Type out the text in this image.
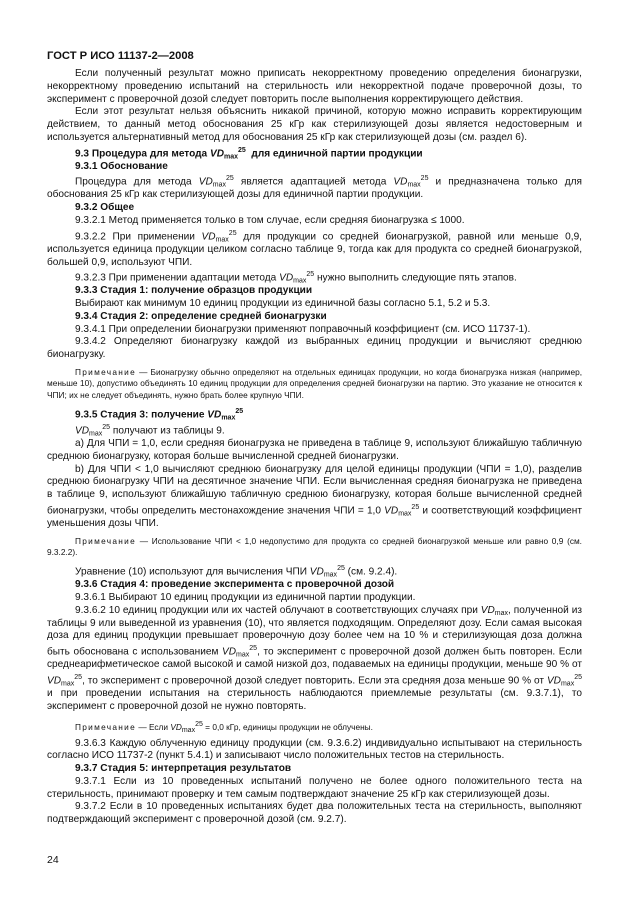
ГОСТ Р ИСО 11137-2—2008

Если полученный результат можно приписать некорректному проведению определения бионагрузки, некорректному проведению испытаний на стерильность или некорректной подаче проверочной дозы, то эксперимент с проверочной дозой следует повторить после выполнения корректирующего действия.

Если этот результат нельзя объяснить никакой причиной, которую можно исправить корректирующим действием, то данный метод обоснования 25 кГр как стерилизующей дозы является недостоверным и используется альтернативный метод для обоснования 25 кГр как стерилизующей дозы (см. раздел 6).

9.3 Процедура для метода $VD_{max}^{25}$  для единичной партии продукции

9.3.1 Обоснование

Процедура для метода $VD_{max}^{25}$ является адаптацией метода $VD_{max}^{25}$ и предназначена только для обоснования 25 кГр как стерилизующей дозы для единичной партии продукции.

9.3.2 Общее

9.3.2.1 Метод применяется только в том случае, если средняя бионагрузка ≤ 1000.

9.3.2.2 При применении $VD_{max}^{25}$ для продукции со средней бионагрузкой, равной или меньше 0,9, используется единица продукции целиком согласно таблице 9, тогда как для продукта со средней бионагрузкой, большей 0,9, используют ЧПИ.

9.3.2.3 При применении адаптации метода $VD_{max}^{25}$ нужно выполнить следующие пять этапов.

9.3.3 Стадия 1: получение образцов продукции

Выбирают как минимум 10 единиц продукции из единичной базы согласно 5.1, 5.2 и 5.3.

9.3.4 Стадия 2: определение средней бионагрузки

9.3.4.1 При определении бионагрузки применяют поправочный коэффициент (см. ИСО 11737-1).

9.3.4.2 Определяют бионагрузку каждой из выбранных единиц продукции и вычисляют среднюю бионагрузку.

Примечание — Бионагрузку обычно определяют на отдельных единицах продукции, но когда бионагрузка низкая (например, меньше 10), допустимо объединять 10 единиц продукции для определения средней бионагрузки на партию. Это указание не относится к ЧПИ; их не следует объединять, нужно брать более крупную ЧПИ.

9.3.5 Стадия 3: получение $VD_{max}^{25}$

$VD_{max}^{25}$ получают из таблицы 9.

a) Для ЧПИ = 1,0, если средняя бионагрузка не приведена в таблице 9, используют ближайшую табличную среднюю бионагрузку, которая больше вычисленной средней бионагрузки.

b) Для ЧПИ < 1,0 вычисляют среднюю бионагрузку для целой единицы продукции (ЧПИ = 1,0), разделив среднюю бионагрузку ЧПИ на десятичное значение ЧПИ. Если вычисленная средняя бионагрузка не приведена в таблице 9, используют ближайшую табличную среднюю бионагрузку, которая больше вычисленной средней бионагрузки, чтобы определить местонахождение значения ЧПИ = 1,0 $VD_{max}^{25}$ и соответствующий коэффициент уменьшения дозы ЧПИ.

Примечание — Использование ЧПИ < 1,0 недопустимо для продукта со средней бионагрузкой меньше или равно 0,9 (см. 9.3.2.2).

Уравнение (10) используют для вычисления ЧПИ $VD_{max}^{25}$ (см. 9.2.4).

9.3.6 Стадия 4: проведение эксперимента с проверочной дозой

9.3.6.1 Выбирают 10 единиц продукции из единичной партии продукции.

9.3.6.2 10 единиц продукции или их частей облучают в соответствующих случаях при $VD_{max}$, полученной из таблицы 9 или выведенной из уравнения (10), что является подходящим. Определяют дозу. Если самая высокая доза для единиц продукции превышает проверочную дозу более чем на 10 % и стерилизующая доза должна быть обоснована с использованием $VD_{max}^{25}$, то эксперимент с проверочной дозой должен быть повторен. Если среднеарифметическое самой высокой и самой низкой доз, подаваемых на единицы продукции, меньше 90 % от $VD_{max}^{25}$, то эксперимент с проверочной дозой следует повторить. Если эта средняя доза меньше 90 % от $VD_{max}^{25}$ и при проведении испытания на стерильность наблюдаются приемлемые результаты (см. 9.3.7.1), то эксперимент с проверочной дозой не нужно повторять.

Примечание — Если $VD_{max}^{25} = 0,0$ кГр, единицы продукции не облучены.

9.3.6.3 Каждую облученную единицу продукции (см. 9.3.6.2) индивидуально испытывают на стерильность согласно ИСО 11737-2 (пункт 5.4.1) и записывают число положительных тестов на стерильность.

9.3.7 Стадия 5: интерпретация результатов

9.3.7.1 Если из 10 проведенных испытаний получено не более одного положительного теста на стерильность, принимают проверку и тем самым подтверждают значение 25 кГр как стерилизующей дозы.

9.3.7.2 Если в 10 проведенных испытаниях будет два положительных теста на стерильность, выполняют подтверждающий эксперимент с проверочной дозой (см. 9.2.7).

24
